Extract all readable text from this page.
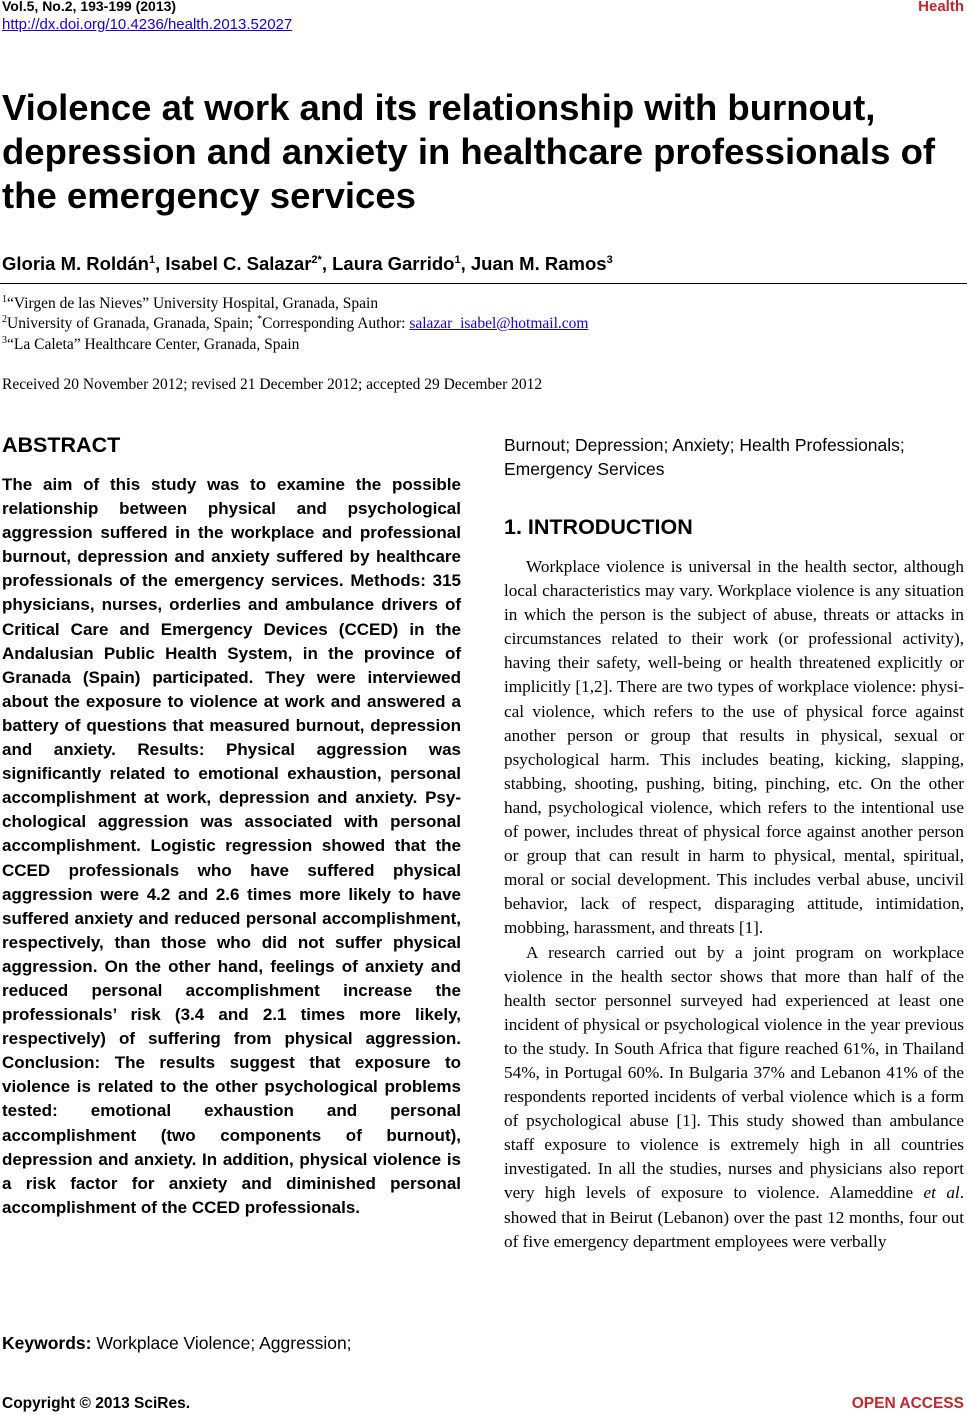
Vol.5, No.2, 193-199 (2013)
http://dx.doi.org/10.4236/health.2013.52027
Health
Violence at work and its relationship with burnout, depression and anxiety in healthcare professionals of the emergency services
Gloria M. Roldán$^1$, Isabel C. Salazar$^{2*}$, Laura Garrido$^1$, Juan M. Ramos$^3$
$^1$“Virgen de las Nieves” University Hospital, Granada, Spain
$^2$University of Granada, Granada, Spain; *Corresponding Author: salazar_isabel@hotmail.com
$^3$“La Caleta” Healthcare Center, Granada, Spain
Received 20 November 2012; revised 21 December 2012; accepted 29 December 2012
ABSTRACT
The aim of this study was to examine the possible relationship between physical and psychological aggression suffered in the workplace and professional burnout, depression and anxiety suffered by healthcare professionals of the emergency services. Methods: 315 physicians, nurses, orderlies and ambulance drivers of Critical Care and Emergency Devices (CCED) in the Andalusian Public Health System, in the province of Granada (Spain) participated. They were interviewed about the exposure to violence at work and answered a battery of questions that measured burnout, depression and anxiety. Results: Physical aggression was significantly related to emotional exhaustion, personal accomplishment at work, depression and anxiety. Psychological aggression was associated with personal accomplishment. Logistic regression showed that the CCED professionals who have suffered physical aggression were 4.2 and 2.6 times more likely to have suffered anxiety and reduced personal accomplishment, respectively, than those who did not suffer physical aggression. On the other hand, feelings of anxiety and reduced personal accomplishment increase the professionals’ risk (3.4 and 2.1 times more likely, respectively) of suffering from physical aggression. Conclusion: The results suggest that exposure to violence is related to the other psychological problems tested: emotional exhaustion and personal accomplishment (two components of burnout), depression and anxiety. In addition, physical violence is a risk factor for anxiety and diminished personal accomplishment of the CCED professionals.
Keywords: Workplace Violence; Aggression;
Burnout; Depression; Anxiety; Health Professionals; Emergency Services
1. INTRODUCTION

Workplace violence is universal in the health sector, although local characteristics may vary. Workplace violence is any situation in which the person is the subject of abuse, threats or attacks in circumstances related to their work (or professional activity), having their safety, well-being or health threatened explicitly or implicitly [1,2]. There are two types of workplace violence: physical violence, which refers to the use of physical force against another person or group that results in physical, sexual or psychological harm. This includes beating, kicking, slapping, stabbing, shooting, pushing, biting, pinching, etc. On the other hand, psychological violence, which refers to the intentional use of power, includes threat of physical force against another person or group that can result in harm to physical, mental, spiritual, moral or social development. This includes verbal abuse, uncivil behavior, lack of respect, disparaging attitude, intimidation, mobbing, harassment, and threats [1].

A research carried out by a joint program on workplace violence in the health sector shows that more than half of the health sector personnel surveyed had experienced at least one incident of physical or psychological violence in the year previous to the study. In South Africa that figure reached 61%, in Thailand 54%, in Portugal 60%. In Bulgaria 37% and Lebanon 41% of the respondents reported incidents of verbal violence which is a form of psychological abuse [1]. This study showed than ambulance staff exposure to violence is extremely high in all countries investigated. In all the studies, nurses and physicians also report very high levels of exposure to violence. Alameddine et al. showed that in Beirut (Lebanon) over the past 12 months, four out of five emergency department employees were verbally

Copyright © 2013 SciRes.	OPEN ACCESS
